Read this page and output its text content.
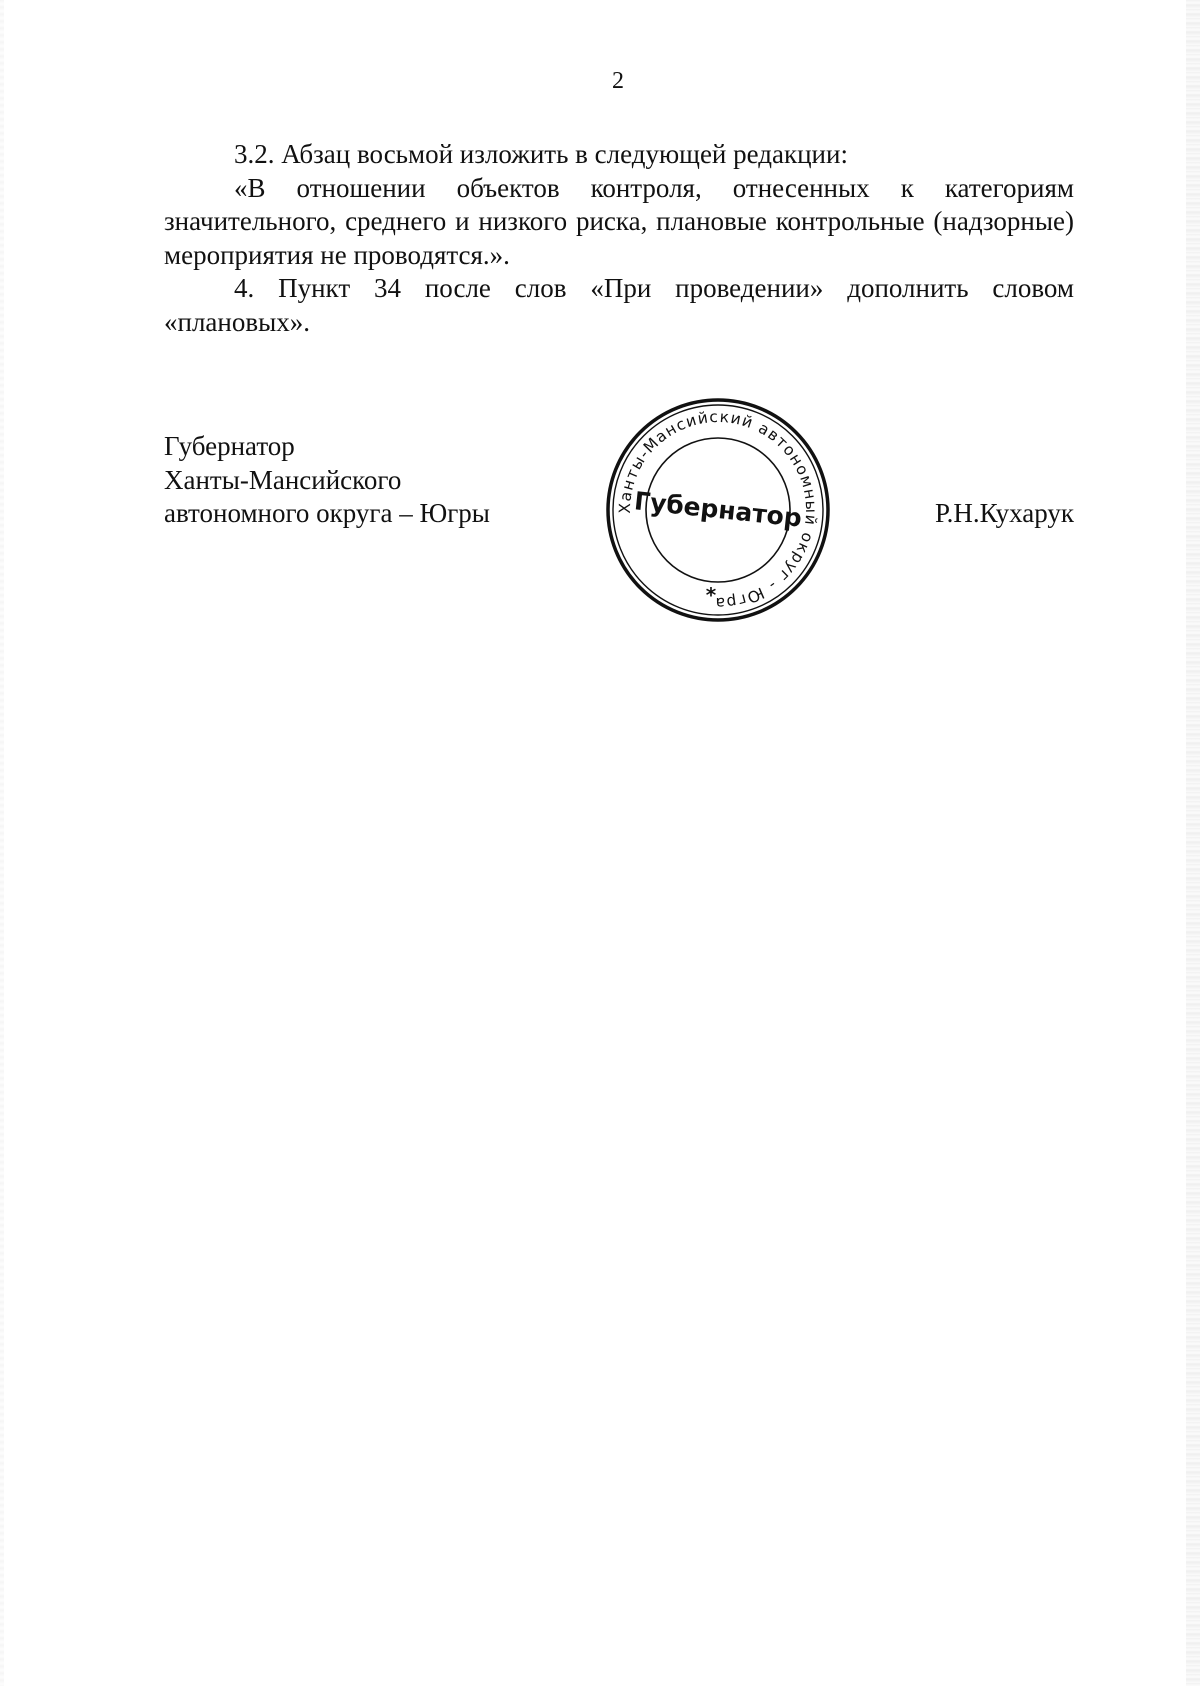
2

3.2. Абзац восьмой изложить в следующей редакции:

«В отношении объектов контроля, отнесенных к категориям значительного, среднего и низкого риска, плановые контрольные (надзорные) мероприятия не проводятся.».

4. Пункт 34 после слов «При проведении» дополнить словом «плановых».

Губернатор
Ханты-Мансийского
автономного округа – Югры	Ханты-Мансийский автономный округ - Югра
Губернатор
*
Р.Н.Кухарук
